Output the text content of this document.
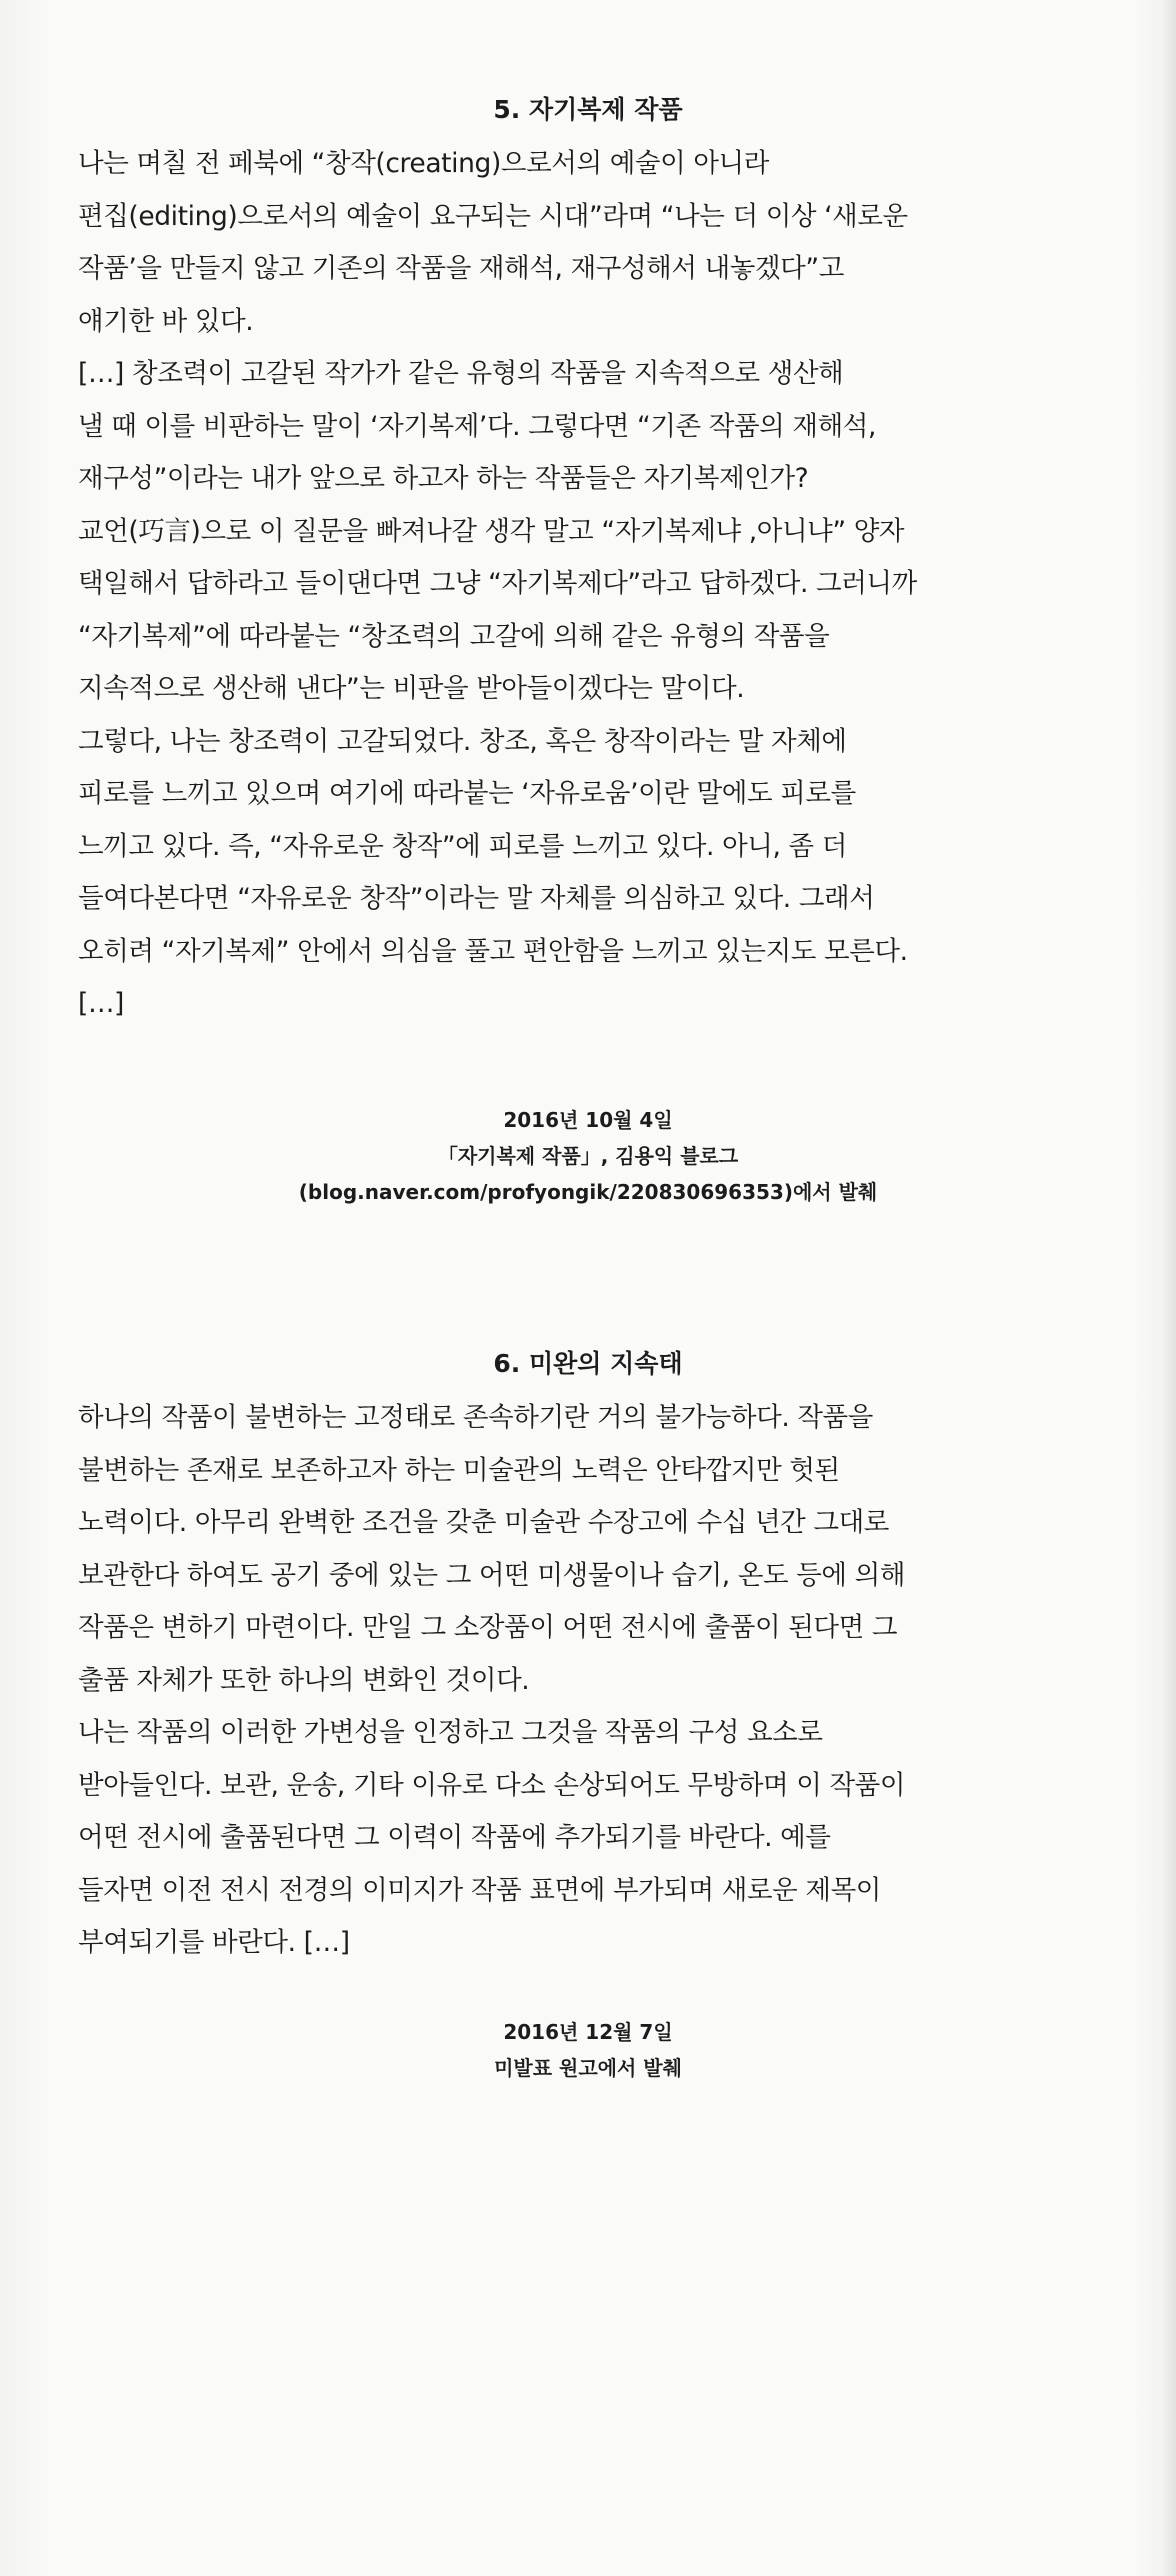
5. 자기복제 작품

나는 며칠 전 페북에 “창작(creating)으로서의 예술이 아니라

편집(editing)으로서의 예술이 요구되는 시대”라며 “나는 더 이상 ‘새로운

작품’을 만들지 않고 기존의 작품을 재해석, 재구성해서 내놓겠다”고

얘기한 바 있다.

[…] 창조력이 고갈된 작가가 같은 유형의 작품을 지속적으로 생산해

낼 때 이를 비판하는 말이 ‘자기복제’다. 그렇다면 “기존 작품의 재해석,

재구성”이라는 내가 앞으로 하고자 하는 작품들은 자기복제인가?

교언(巧言)으로 이 질문을 빠져나갈 생각 말고 “자기복제냐 ,아니냐” 양자

택일해서 답하라고 들이댄다면 그냥 “자기복제다”라고 답하겠다. 그러니까

“자기복제”에 따라붙는 “창조력의 고갈에 의해 같은 유형의 작품을

지속적으로 생산해 낸다”는 비판을 받아들이겠다는 말이다.

그렇다, 나는 창조력이 고갈되었다. 창조, 혹은 창작이라는 말 자체에

피로를 느끼고 있으며 여기에 따라붙는 ‘자유로움’이란 말에도 피로를

느끼고 있다. 즉, “자유로운 창작”에 피로를 느끼고 있다. 아니, 좀 더

들여다본다면 “자유로운 창작”이라는 말 자체를 의심하고 있다. 그래서

오히려 “자기복제” 안에서 의심을 풀고 편안함을 느끼고 있는지도 모른다.

[…]

2016년 10월 4일

「자기복제 작품」, 김용익 블로그

(blog.naver.com/profyongik/220830696353)에서 발췌

6. 미완의 지속태

하나의 작품이 불변하는 고정태로 존속하기란 거의 불가능하다. 작품을

불변하는 존재로 보존하고자 하는 미술관의 노력은 안타깝지만 헛된

노력이다. 아무리 완벽한 조건을 갖춘 미술관 수장고에 수십 년간 그대로

보관한다 하여도 공기 중에 있는 그 어떤 미생물이나 습기, 온도 등에 의해

작품은 변하기 마련이다. 만일 그 소장품이 어떤 전시에 출품이 된다면 그

출품 자체가 또한 하나의 변화인 것이다.

나는 작품의 이러한 가변성을 인정하고 그것을 작품의 구성 요소로

받아들인다. 보관, 운송, 기타 이유로 다소 손상되어도 무방하며 이 작품이

어떤 전시에 출품된다면 그 이력이 작품에 추가되기를 바란다. 예를

들자면 이전 전시 전경의 이미지가 작품 표면에 부가되며 새로운 제목이

부여되기를 바란다. […]

2016년 12월 7일

미발표 원고에서 발췌
